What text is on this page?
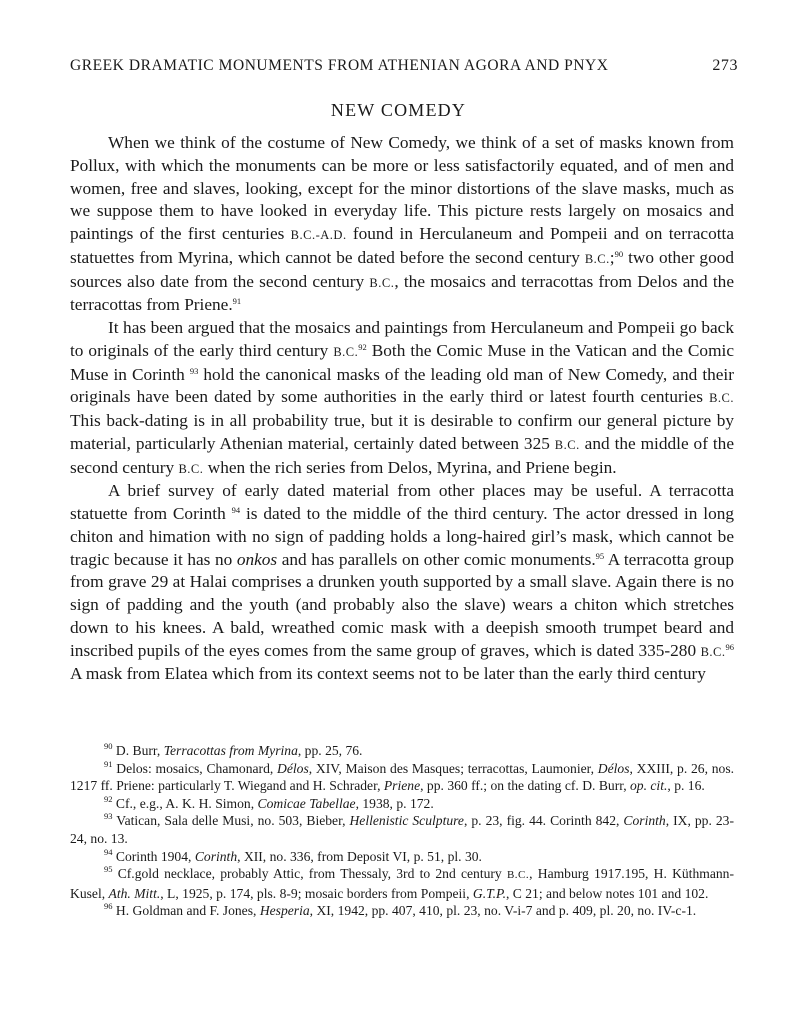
GREEK DRAMATIC MONUMENTS FROM ATHENIAN AGORA AND PNYX	273
NEW COMEDY

When we think of the costume of New Comedy, we think of a set of masks known from Pollux, with which the monuments can be more or less satisfactorily equated, and of men and women, free and slaves, looking, except for the minor distortions of the slave masks, much as we suppose them to have looked in everyday life. This picture rests largely on mosaics and paintings of the first centuries B.C.-A.D. found in Herculaneum and Pompeii and on terracotta statuettes from Myrina, which cannot be dated before the second century B.C.;$^{90}$ two other good sources also date from the second century B.C., the mosaics and terracottas from Delos and the terracottas from Priene.$^{91}$

It has been argued that the mosaics and paintings from Herculaneum and Pompeii go back to originals of the early third century B.C.$^{92}$ Both the Comic Muse in the Vatican and the Comic Muse in Corinth $^{93}$ hold the canonical masks of the leading old man of New Comedy, and their originals have been dated by some authorities in the early third or latest fourth centuries B.C. This back-dating is in all probability true, but it is desirable to confirm our general picture by material, particularly Athenian material, certainly dated between 325 B.C. and the middle of the second century B.C. when the rich series from Delos, Myrina, and Priene begin.

A brief survey of early dated material from other places may be useful. A terracotta statuette from Corinth $^{94}$ is dated to the middle of the third century. The actor dressed in long chiton and himation with no sign of padding holds a long-haired girl’s mask, which cannot be tragic because it has no onkos and has parallels on other comic monuments.$^{95}$ A terracotta group from grave 29 at Halai comprises a drunken youth supported by a small slave. Again there is no sign of padding and the youth (and probably also the slave) wears a chiton which stretches down to his knees. A bald, wreathed comic mask with a deepish smooth trumpet beard and inscribed pupils of the eyes comes from the same group of graves, which is dated 335-280 B.C.$^{96}$ A mask from Elatea which from its context seems not to be later than the early third century

$^{90}$ D. Burr, Terracottas from Myrina, pp. 25, 76.

$^{91}$ Delos: mosaics, Chamonard, Délos, XIV, Maison des Masques; terracottas, Laumonier, Délos, XXIII, p. 26, nos. 1217 ff. Priene: particularly T. Wiegand and H. Schrader, Priene, pp. 360 ff.; on the dating cf. D. Burr, op. cit., p. 16.

$^{92}$ Cf., e.g., A. K. H. Simon, Comicae Tabellae, 1938, p. 172.

$^{93}$ Vatican, Sala delle Musi, no. 503, Bieber, Hellenistic Sculpture, p. 23, fig. 44. Corinth 842, Corinth, IX, pp. 23-24, no. 13.

$^{94}$ Corinth 1904, Corinth, XII, no. 336, from Deposit VI, p. 51, pl. 30.

$^{95}$ Cf.gold necklace, probably Attic, from Thessaly, 3rd to 2nd century B.C., Hamburg 1917.195, H. Küthmann-Kusel, Ath. Mitt., L, 1925, p. 174, pls. 8-9; mosaic borders from Pompeii, G.T.P., C 21; and below notes 101 and 102.

$^{96}$ H. Goldman and F. Jones, Hesperia, XI, 1942, pp. 407, 410, pl. 23, no. V-i-7 and p. 409, pl. 20, no. IV-c-1.
